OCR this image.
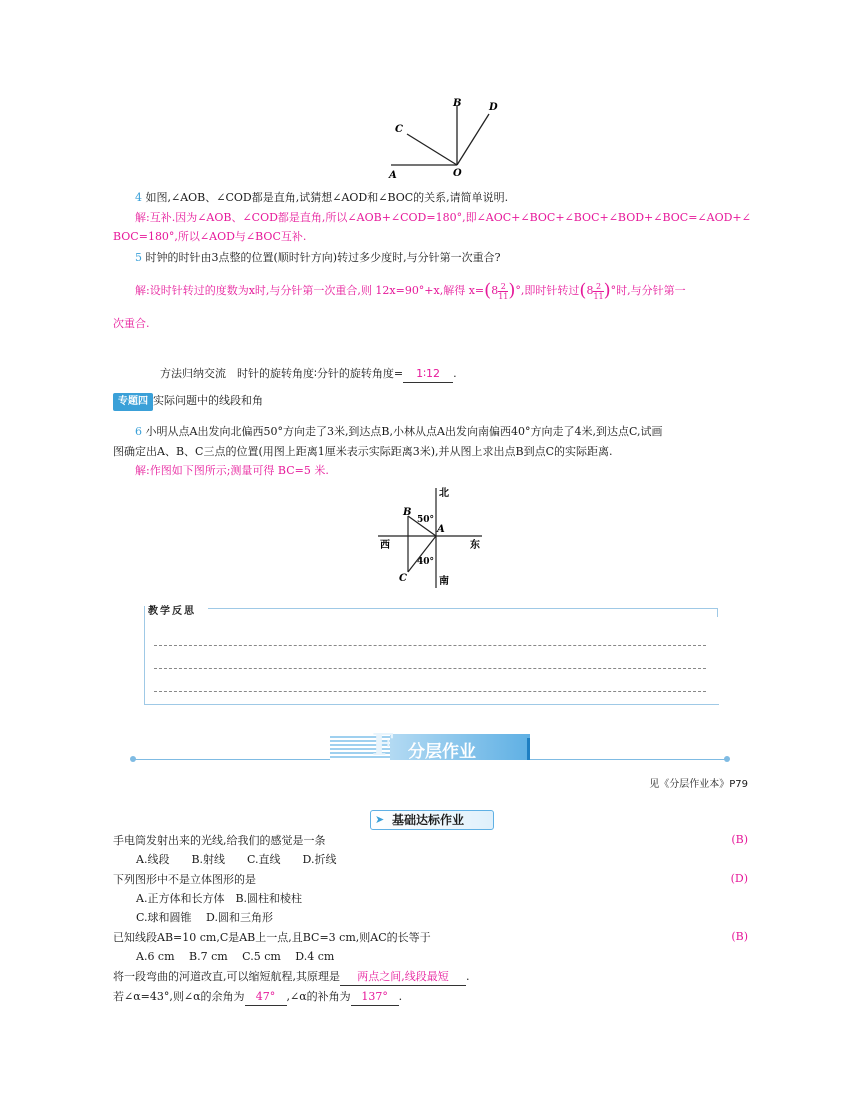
B	D
C
A	O
4 如图,∠AOB、∠COD都是直角,试猜想∠AOD和∠BOC的关系,请简单说明.
解:互补.因为∠AOB、∠COD都是直角,所以∠AOB+∠COD=180°,即∠AOC+∠BOC+∠BOC+∠BOD+∠BOC=∠AOD+∠
BOC=180°,所以∠AOD与∠BOC互补.
5 时钟的时针由3点整的位置(顺时针方向)转过多少度时,与分针第一次重合?
解:设时针转过的度数为x时,与分针第一次重合,则 12x=90°+x,解得 $x=(8 \frac{2}{11}$ )°,即时针转过($8 \frac{2}{11}$ )°时,与分针第一
次重合.
方法归纳交流　时针的旋转角度∶分针的旋转角度= 1∶12 .
专题四 实际问题中的线段和角
6 小明从点A出发向北偏西50°方向走了3米,到达点B,小林从点A出发向南偏西40°方向走了4米,到达点C,试画
图确定出A、B、C三点的位置(用图上距离1厘米表示实际距离3米),并从图上求出点B到点C的实际距离.
解:作图如下图所示;测量可得 BC=5 米.
北
南
西	东
50°
40°
B
A
C
教学反思
F 分层作业
见《分层作业本》P79
➤ 基础达标作业
手电筒发射出来的光线,给我们的感觉是一条	(B)
A.线段　　B.射线　　C.直线　　D.折线
下列图形中不是立体图形的是	(D)
A.正方体和长方体　B.圆柱和棱柱
C.球和圆锥　 D.圆和三角形
已知线段AB=10 cm,C是AB上一点,且BC=3 cm,则AC的长等于	(B)
A.6 cm　 B.7 cm　 C.5 cm　 D.4 cm
将一段弯曲的河道改直,可以缩短航程,其原理是 两点之间,线段最短 .
若∠α=43°,则∠α的余角为 47° ,∠α的补角为 137° .
